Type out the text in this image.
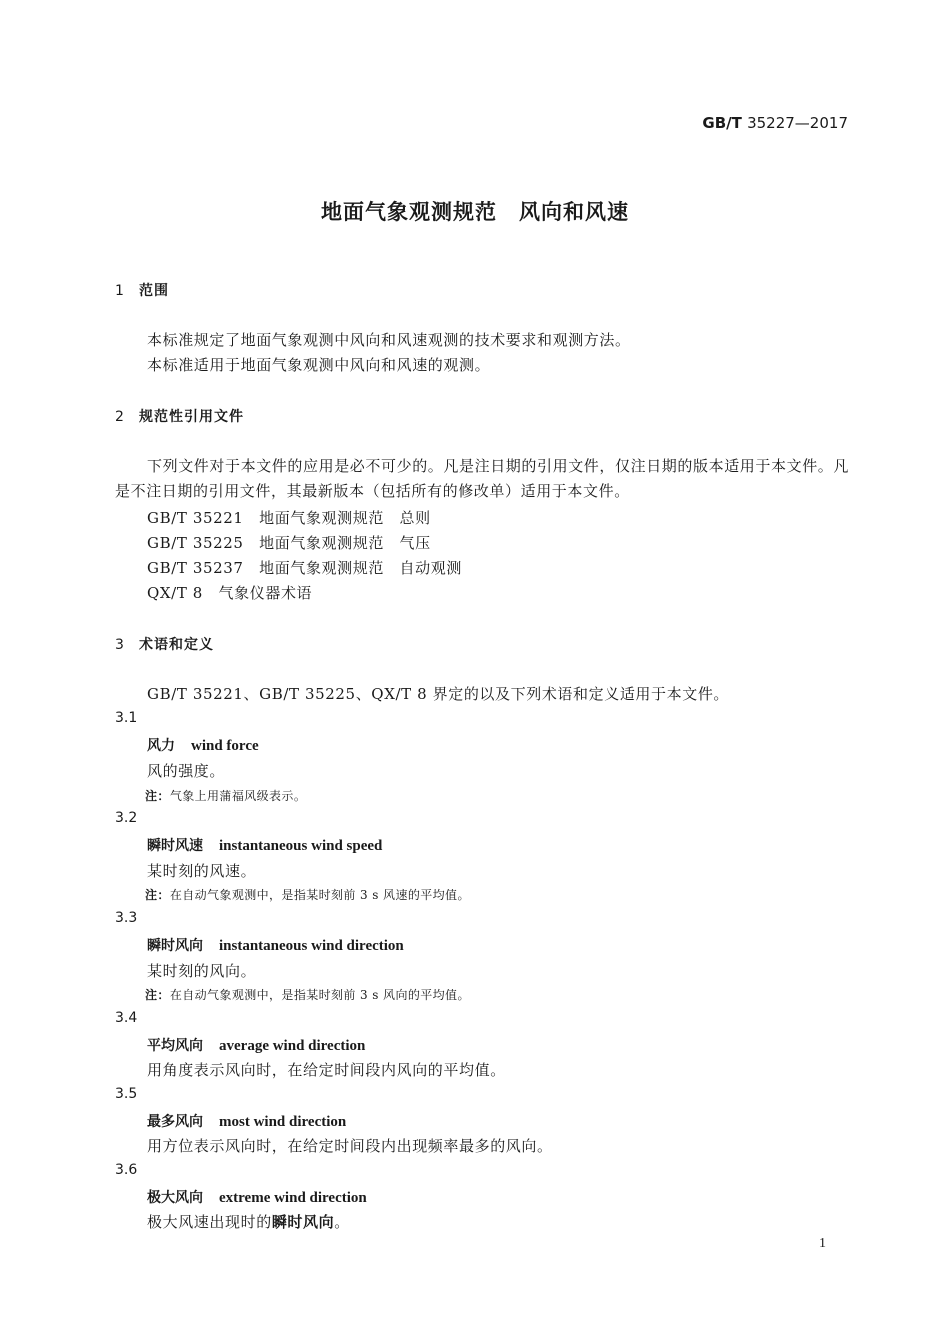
GB/T 35227—2017
地面气象观测规范　风向和风速
1 范围
本标准规定了地面气象观测中风向和风速观测的技术要求和观测方法。
本标准适用于地面气象观测中风向和风速的观测。
2 规范性引用文件
下列文件对于本文件的应用是必不可少的。凡是注日期的引用文件，仅注日期的版本适用于本文件。凡是不注日期的引用文件，其最新版本（包括所有的修改单）适用于本文件。
GB/T 35221　地面气象观测规范　总则
GB/T 35225　地面气象观测规范　气压
GB/T 35237　地面气象观测规范　自动观测
QX/T 8　气象仪器术语
3 术语和定义
GB/T 35221、GB/T 35225、QX/T 8 界定的以及下列术语和定义适用于本文件。
3.1
风力 wind force
风的强度。
注：气象上用蒲福风级表示。
3.2
瞬时风速 instantaneous wind speed
某时刻的风速。
注：在自动气象观测中，是指某时刻前 3 s 风速的平均值。
3.3
瞬时风向 instantaneous wind direction
某时刻的风向。
注：在自动气象观测中，是指某时刻前 3 s 风向的平均值。
3.4
平均风向 average wind direction
用角度表示风向时，在给定时间段内风向的平均值。
3.5
最多风向 most wind direction
用方位表示风向时，在给定时间段内出现频率最多的风向。
3.6
极大风向 extreme wind direction
极大风速出现时的瞬时风向。
1
